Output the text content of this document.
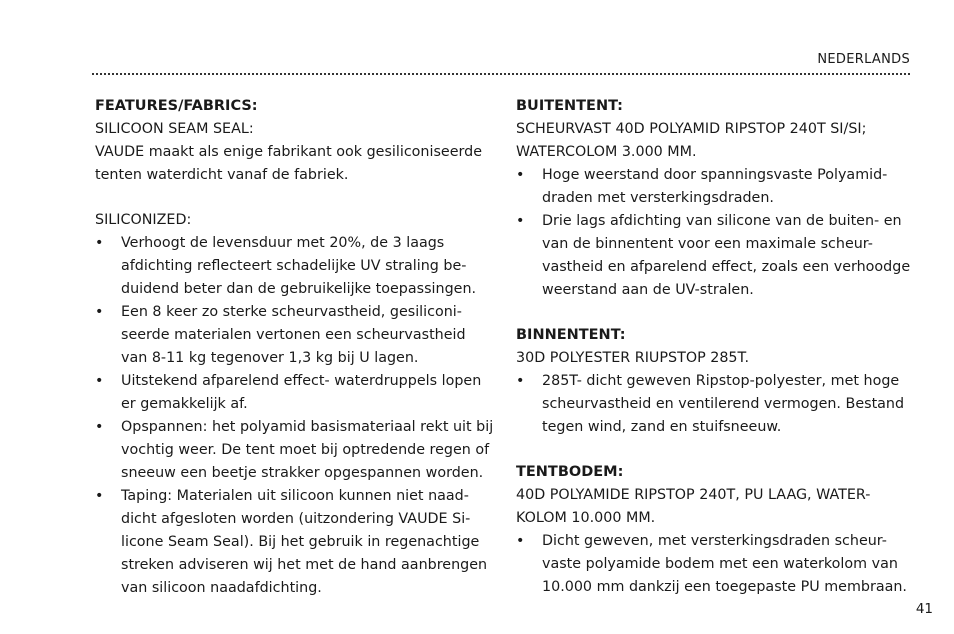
NEDERLANDS
FEATURES/FABRICS:
SILICOON SEAM SEAL:
VAUDE maakt als enige fabrikant ook gesiliconiseerde
tenten waterdicht vanaf de fabriek.
SILICONIZED:
• Verhoogt de levensduur met 20%, de 3 laags
afdichting reflecteert schadelijke UV straling be-
duidend beter dan de gebruikelijke toepassingen.
• Een 8 keer zo sterke scheurvastheid, gesiliconi-
seerde materialen vertonen een scheurvastheid
van 8-11 kg tegenover 1,3 kg bij U lagen.
• Uitstekend afparelend effect- waterdruppels lopen
er gemakkelijk af.
• Opspannen: het polyamid basismateriaal rekt uit bij
vochtig weer. De tent moet bij optredende regen of
sneeuw een beetje strakker opgespannen worden.
• Taping: Materialen uit silicoon kunnen niet naad-
dicht afgesloten worden (uitzondering VAUDE Si-
licone Seam Seal). Bij het gebruik in regenachtige
streken adviseren wij het met de hand aanbrengen
van silicoon naadafdichting.
BUITENTENT:
SCHEURVAST 40D POLYAMID RIPSTOP 240T SI/SI;
WATERCOLOM 3.000 MM.
• Hoge weerstand door spanningsvaste Polyamid-
draden met versterkingsdraden.
• Drie lags afdichting van silicone van de buiten- en
van de binnentent voor een maximale scheur-
vastheid en afparelend effect, zoals een verhoodge
weerstand aan de UV-stralen.
BINNENTENT:
30D POLYESTER RIUPSTOP 285T.
• 285T- dicht geweven Ripstop-polyester, met hoge
scheurvastheid en ventilerend vermogen. Bestand
tegen wind, zand en stuifsneeuw.
TENTBODEM:
40D POLYAMIDE RIPSTOP 240T, PU LAAG, WATER-
KOLOM 10.000 MM.
• Dicht geweven, met versterkingsdraden scheur-
vaste polyamide bodem met een waterkolom van
10.000 mm dankzij een toegepaste PU membraan.
41
